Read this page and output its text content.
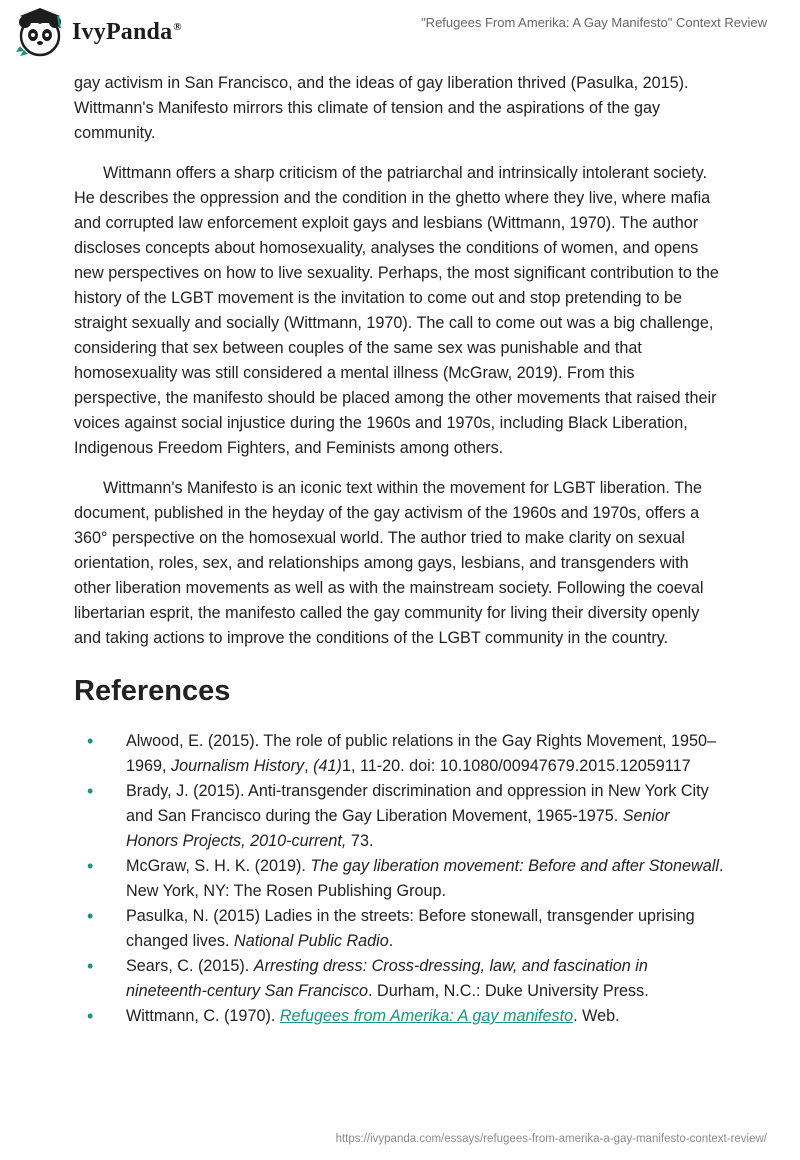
IvyPanda®	"Refugees From Amerika: A Gay Manifesto" Context Review

gay activism in San Francisco, and the ideas of gay liberation thrived (Pasulka, 2015). Wittmann's Manifesto mirrors this climate of tension and the aspirations of the gay community.

Wittmann offers a sharp criticism of the patriarchal and intrinsically intolerant society. He describes the oppression and the condition in the ghetto where they live, where mafia and corrupted law enforcement exploit gays and lesbians (Wittmann, 1970). The author discloses concepts about homosexuality, analyses the conditions of women, and opens new perspectives on how to live sexuality. Perhaps, the most significant contribution to the history of the LGBT movement is the invitation to come out and stop pretending to be straight sexually and socially (Wittmann, 1970). The call to come out was a big challenge, considering that sex between couples of the same sex was punishable and that homosexuality was still considered a mental illness (McGraw, 2019). From this perspective, the manifesto should be placed among the other movements that raised their voices against social injustice during the 1960s and 1970s, including Black Liberation, Indigenous Freedom Fighters, and Feminists among others.

Wittmann's Manifesto is an iconic text within the movement for LGBT liberation. The document, published in the heyday of the gay activism of the 1960s and 1970s, offers a 360° perspective on the homosexual world. The author tried to make clarity on sexual orientation, roles, sex, and relationships among gays, lesbians, and transgenders with other liberation movements as well as with the mainstream society. Following the coeval libertarian esprit, the manifesto called the gay community for living their diversity openly and taking actions to improve the conditions of the LGBT community in the country.

References
• Alwood, E. (2015). The role of public relations in the Gay Rights Movement, 1950–1969, Journalism History, (41)1, 11-20. doi: 10.1080/00947679.2015.12059117
• Brady, J. (2015). Anti-transgender discrimination and oppression in New York City and San Francisco during the Gay Liberation Movement, 1965-1975. Senior Honors Projects, 2010-current, 73.
• McGraw, S. H. K. (2019). The gay liberation movement: Before and after Stonewall. New York, NY: The Rosen Publishing Group.
• Pasulka, N. (2015) Ladies in the streets: Before stonewall, transgender uprising changed lives. National Public Radio.
• Sears, C. (2015). Arresting dress: Cross-dressing, law, and fascination in nineteenth-century San Francisco. Durham, N.C.: Duke University Press.
• Wittmann, C. (1970). Refugees from Amerika: A gay manifesto. Web.
https://ivypanda.com/essays/refugees-from-amerika-a-gay-manifesto-context-review/
